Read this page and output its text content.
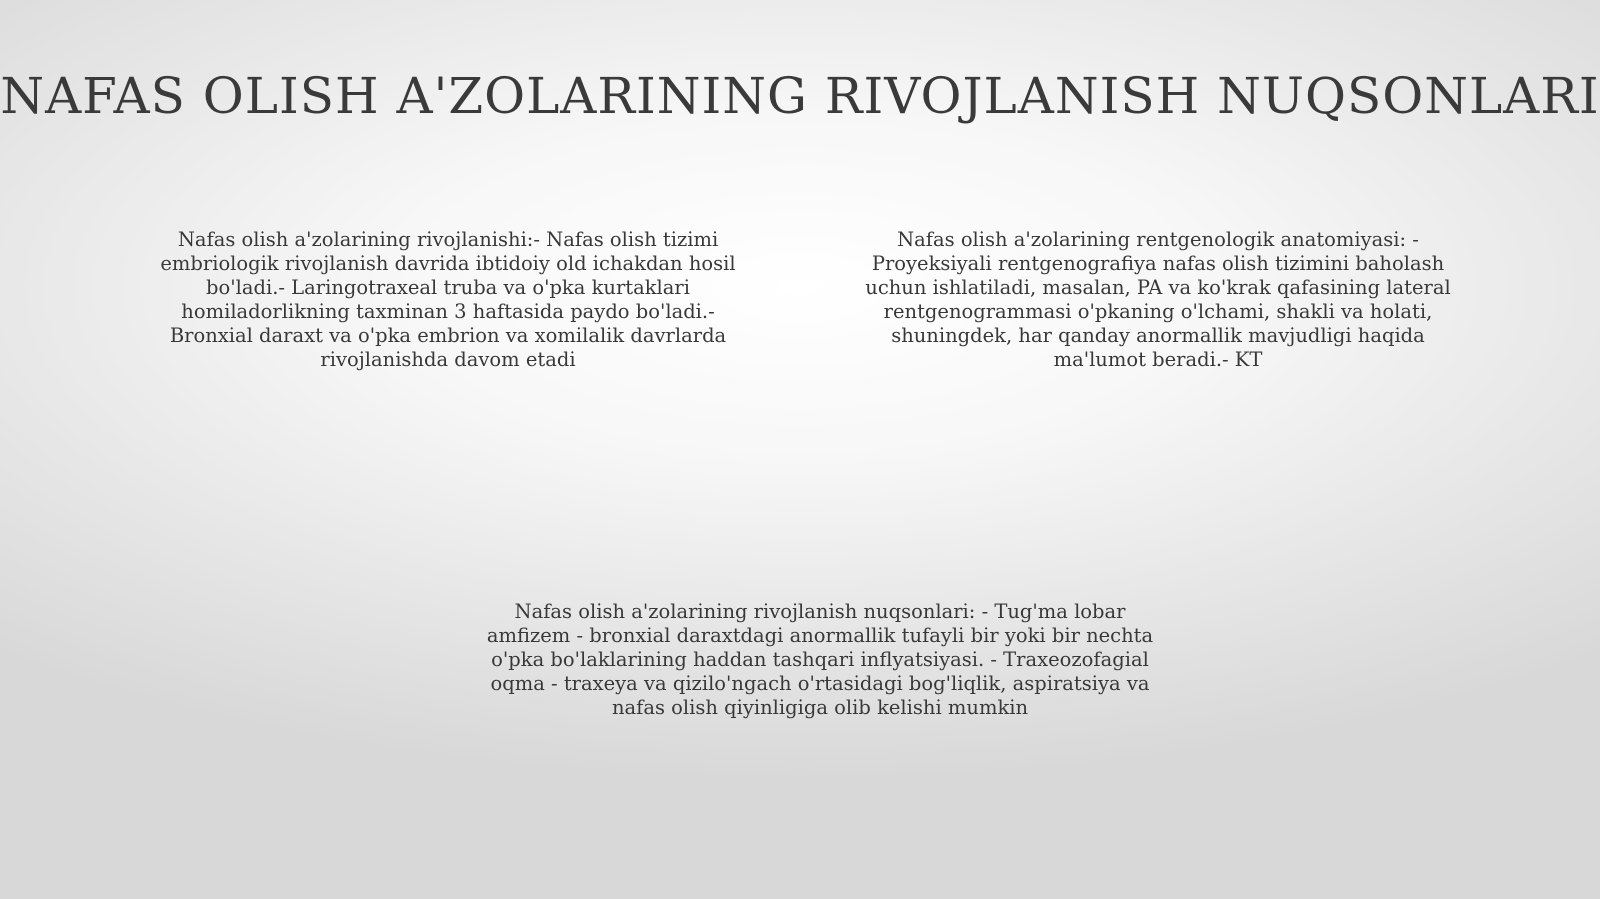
NAFAS OLISH A'ZOLARINING RIVOJLANISH NUQSONLARI
Nafas olish a'zolarining rivojlanishi:- Nafas olish tizimi embriologik rivojlanish davrida ibtidoiy old ichakdan hosil bo'ladi.- Laringotraxeal truba va o'pka kurtaklari homiladorlikning taxminan 3 haftasida paydo bo'ladi.- Bronxial daraxt va o'pka embrion va xomilalik davrlarda rivojlanishda davom etadi
Nafas olish a'zolarining rentgenologik anatomiyasi: - Proyeksiyali rentgenografiya nafas olish tizimini baholash uchun ishlatiladi, masalan, PA va ko'krak qafasining lateral rentgenogrammasi o'pkaning o'lchami, shakli va holati, shuningdek, har qanday anormallik mavjudligi haqida ma'lumot beradi.- KT
Nafas olish a'zolarining rivojlanish nuqsonlari: - Tug'ma lobar amfizem - bronxial daraxtdagi anormallik tufayli bir yoki bir nechta o'pka bo'laklarining haddan tashqari inflyatsiyasi. - Traxeozofagial oqma - traxeya va qizilo'ngach o'rtasidagi bog'liqlik, aspiratsiya va nafas olish qiyinligiga olib kelishi mumkin
